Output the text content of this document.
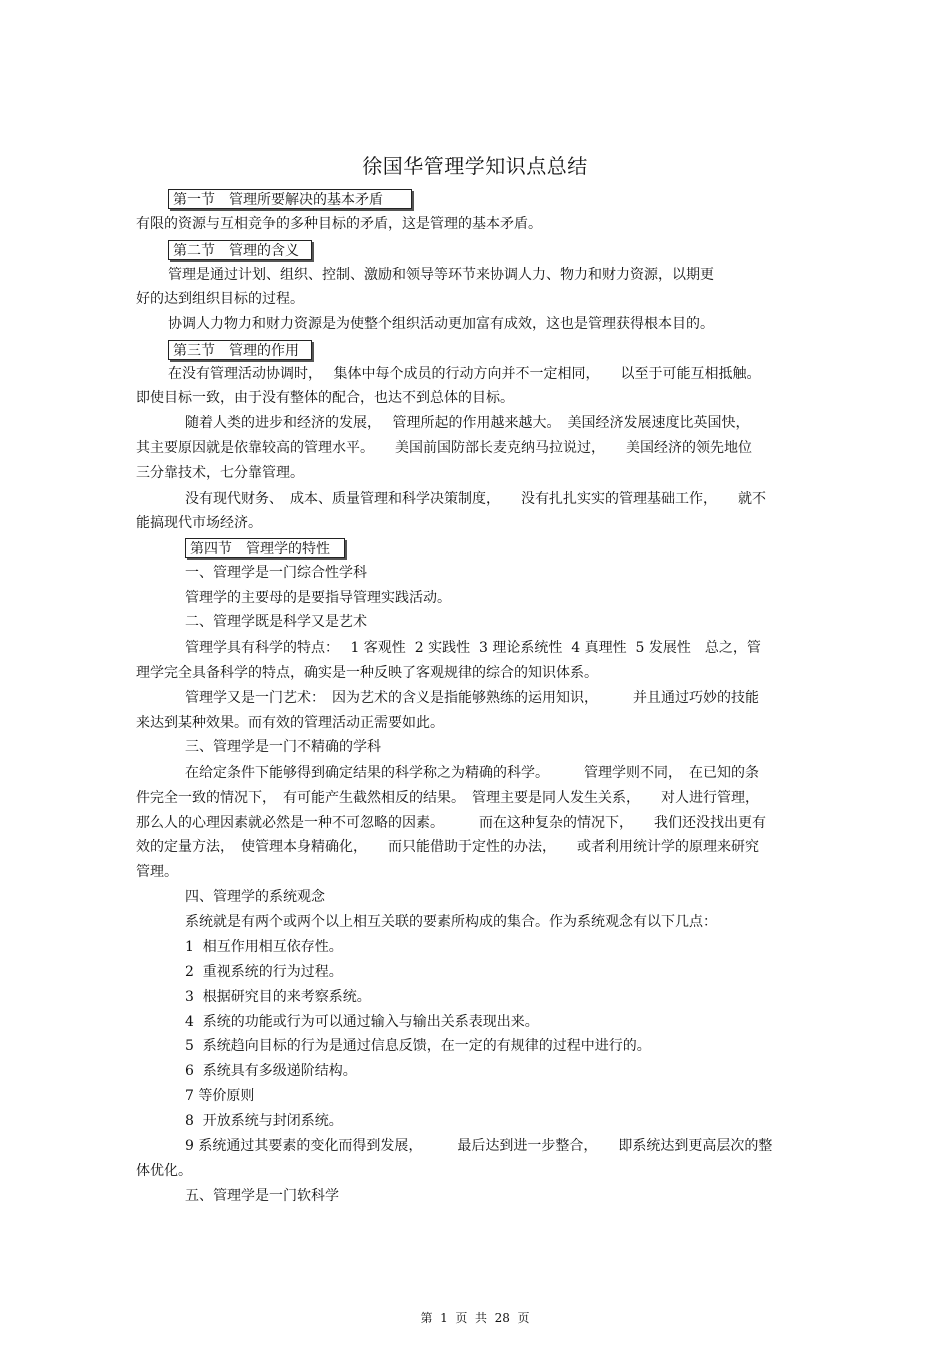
徐国华管理学知识点总结
第一节　管理所要解决的基本矛盾
有限的资源与互相竞争的多种目标的矛盾，这是管理的基本矛盾。
第二节　管理的含义
管理是通过计划、组织、控制、激励和领导等环节来协调人力、物力和财力资源，以期更
好的达到组织目标的过程。
协调人力物力和财力资源是为使整个组织活动更加富有成效，这也是管理获得根本目的。
第三节　管理的作用
在没有管理活动协调时，　 集体中每个成员的行动方向并不一定相同，　　以至于可能互相抵触。
即使目标一致，由于没有整体的配合，也达不到总体的目标。
随着人类的进步和经济的发展，　 管理所起的作用越来越大。　美国经济发展速度比英国快，
其主要原因就是依靠较高的管理水平。　　美国前国防部长麦克纳马拉说过，　　美国经济的领先地位
三分靠技术，七分靠管理。
没有现代财务、　成本、质量管理和科学决策制度，　　没有扎扎实实的管理基础工作，　　就不
能搞现代市场经济。
第四节　管理学的特性
一、管理学是一门综合性学科
管理学的主要母的是要指导管理实践活动。
二、管理学既是科学又是艺术
管理学具有科学的特点：　 1 客观性  2 实践性  3 理论系统性  4 真理性  5 发展性　总之，管
理学完全具备科学的特点，确实是一种反映了客观规律的综合的知识体系。
管理学又是一门艺术：　因为艺术的含义是指能够熟练的运用知识，　　　并且通过巧妙的技能
来达到某种效果。而有效的管理活动正需要如此。
三、管理学是一门不精确的学科
在给定条件下能够得到确定结果的科学称之为精确的科学。　　　管理学则不同，　在已知的条
件完全一致的情况下，　有可能产生截然相反的结果。　管理主要是同人发生关系，　　对人进行管理，
那么人的心理因素就必然是一种不可忽略的因素。　　　而在这种复杂的情况下，　　我们还没找出更有
效的定量方法，　使管理本身精确化，　　而只能借助于定性的办法，　　或者利用统计学的原理来研究
管理。
四、管理学的系统观念
系统就是有两个或两个以上相互关联的要素所构成的集合。作为系统观念有以下几点：
1  相互作用相互依存性。
2  重视系统的行为过程。
3  根据研究目的来考察系统。
4  系统的功能或行为可以通过输入与输出关系表现出来。
5  系统趋向目标的行为是通过信息反馈，在一定的有规律的过程中进行的。
6  系统具有多级递阶结构。
7 等价原则
8  开放系统与封闭系统。
9 系统通过其要素的变化而得到发展，　　　最后达到进一步整合，　　即系统达到更高层次的整
体优化。
五、管理学是一门软科学
第  1  页  共  28  页
